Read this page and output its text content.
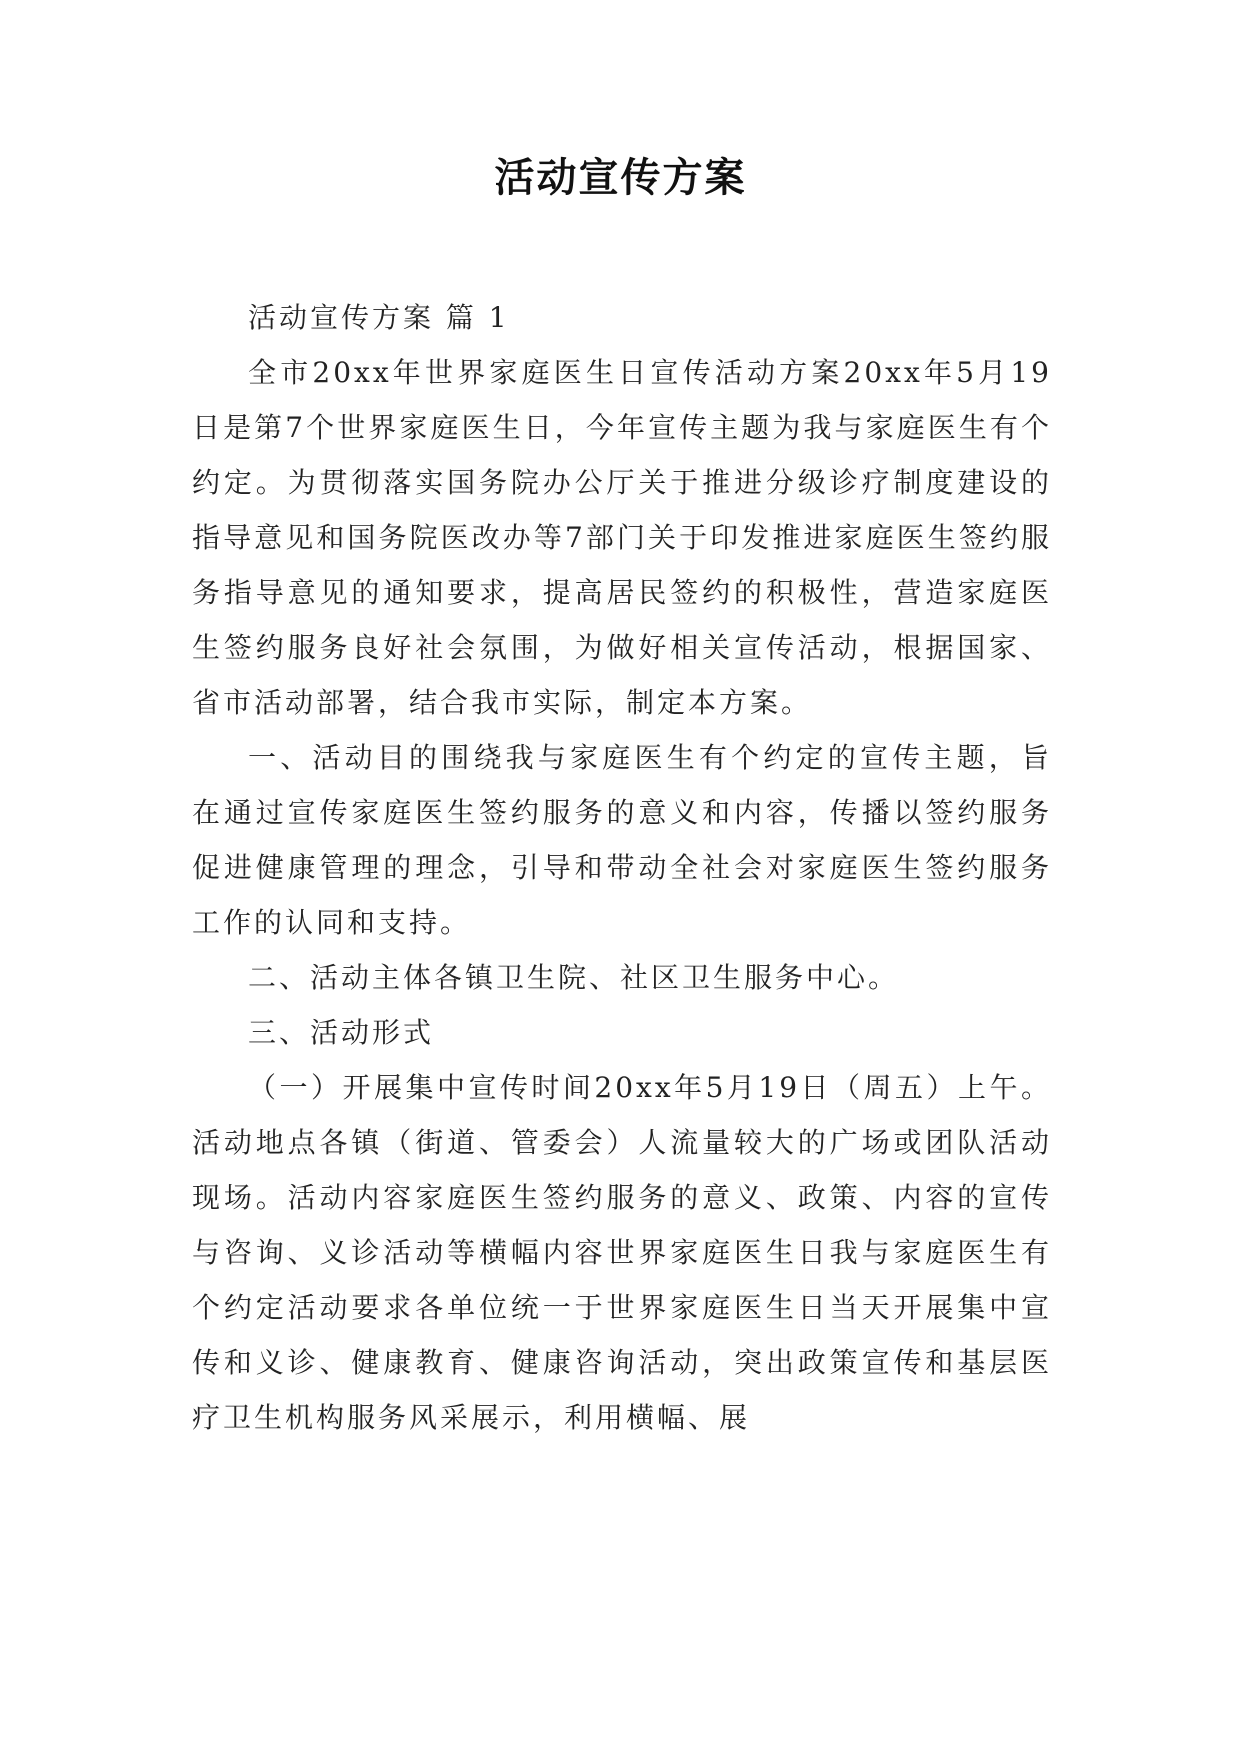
活动宣传方案

活动宣传方案 篇 1

全市20xx年世界家庭医生日宣传活动方案20xx年5月19日是第7个世界家庭医生日，今年宣传主题为我与家庭医生有个约定。为贯彻落实国务院办公厅关于推进分级诊疗制度建设的指导意见和国务院医改办等7部门关于印发推进家庭医生签约服务指导意见的通知要求，提高居民签约的积极性，营造家庭医生签约服务良好社会氛围，为做好相关宣传活动，根据国家、省市活动部署，结合我市实际，制定本方案。

一、活动目的围绕我与家庭医生有个约定的宣传主题，旨在通过宣传家庭医生签约服务的意义和内容，传播以签约服务促进健康管理的理念，引导和带动全社会对家庭医生签约服务工作的认同和支持。

二、活动主体各镇卫生院、社区卫生服务中心。

三、活动形式

（一）开展集中宣传时间20xx年5月19日（周五）上午。活动地点各镇（街道、管委会）人流量较大的广场或团队活动现场。活动内容家庭医生签约服务的意义、政策、内容的宣传与咨询、义诊活动等横幅内容世界家庭医生日我与家庭医生有个约定活动要求各单位统一于世界家庭医生日当天开展集中宣传和义诊、健康教育、健康咨询活动，突出政策宣传和基层医疗卫生机构服务风采展示，利用横幅、展
